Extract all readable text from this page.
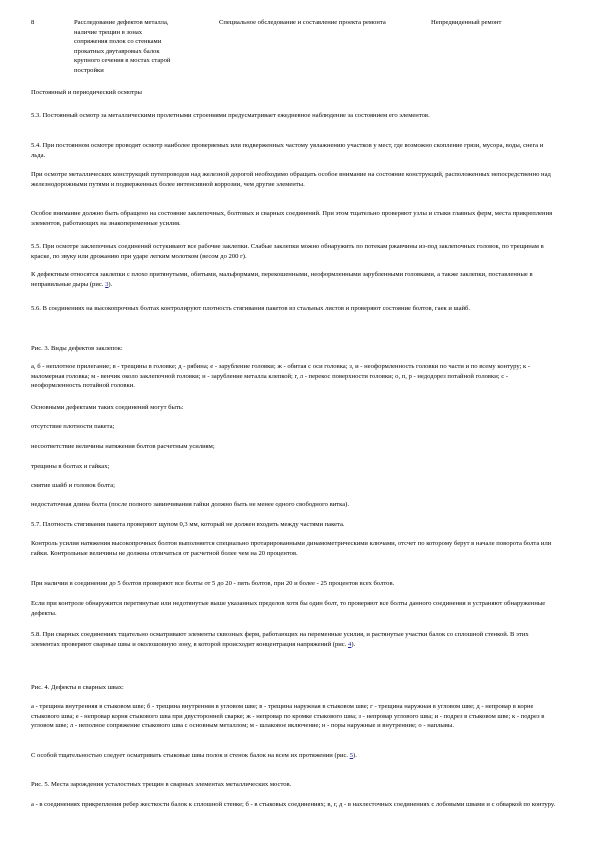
8	Расследование дефектов металла,
наличие трещин в зонах
сопряжения полок со стенками
прокатных двутавровых балок
крупного сечения в мостах старой
постройки
Специальное обследование и составление проекта ремонта	Непредвиденный ремонт

Постоянный и периодический осмотры

5.3. Постоянный осмотр за металлическими пролетными строениями предусматривает ежедневное наблюдение за состоянием его элементов.

5.4. При постоянном осмотре проводят осмотр наиболее проверяемых или подверженных частому увлажнению участков у мест, где возможно скопление грязи, мусора, воды, снега и льда.

При осмотре металлических конструкций путепроводов над железной дорогой необходимо обращать особое внимание на состояние конструкций, расположенных непосредственно над железнодорожными путями и подверженных более интенсивной коррозии, чем другие элементы.

Особое внимание должно быть обращено на состояние заклепочных, болтовых и сварных соединений. При этом тщательно проверяют узлы и стыки главных ферм, места прикрепления элементов, работающих на знакопеременные усилия.

5.5. При осмотре заклепочных соединений остукивают все рабочие заклепки. Слабые заклепки можно обнаружить по потекам ржавчины из-под заклепочных головок, по трещинам в краске, по звуку или дрожанию при ударе легким молотком (весом до 200 г).

К дефектным относятся заклепки с плохо притянутыми, обитыми, мальформами, перекошенными, неоформленными зарубленными головками, а также заклепки, поставленные в неправильные дыры (рис. 3).

5.6. В соединениях на высокопрочных болтах контролируют плотность стягивания пакетов из стальных листов и проверяют состояние болтов, гаек и шайб.

Рис. 3. Виды дефектов заклепок:

а, б - неплотное прилегание; в - трещины в головке; д - рябина; е - зарубление головки; ж - обитая с оси головка; з, и - неоформленность головки по части и по всему контуру; к - маломерная головка; м - венчик около заклепочной головки; н - зарубление металла клепкой; г, л - перекос поверхности головки; о, п, р - недодорез потайной головки; с - неоформленность потайной головки.

Основными дефектами таких соединений могут быть:

отсутствие плотности пакета;

несоответствие величины натяжения болтов расчетным усилиям;

трещины в болтах и гайках;

смятие шайб и головок болта;

недостаточная длина болта (после полного завинчивания гайки должно быть не менее одного свободного витка).

5.7. Плотность стягивания пакета проверяют щупом 0,3 мм, который не должен входить между частями пакета.

Контроль усилия натяжения высокопрочных болтов выполняется специально протарированными динамометрическими ключами, отсчет по которому берут в начале поворота болта или гайки. Контрольные величины не должны отличаться от расчетной более чем на 20 процентов.

При наличии в соединении до 5 болтов проверяют все болты от 5 до 20 - пять болтов, при 20 и более - 25 процентов всех болтов.

Если при контроле обнаружится перетянутые или недотянутые выше указанных пределов хотя бы один болт, то проверяют все болты данного соединения и устраняют обнаруженные дефекты.

5.8. При сварных соединениях тщательно осматривают элементы сквозных ферм, работающих на переменные усилия, и растянутые участки балок со сплошной стенкой. В этих элементах проверяют сварные швы и околошовную зону, в которой происходит концентрация напряжений (рис. 4).

Рис. 4. Дефекты в сварных швах:

а - трещина внутренняя в стыковом шве; б - трещина внутренняя в угловом шве; в - трещина наружная в стыковом шве; г - трещина наружная в угловом шве; д - непровар в корне стыкового шва; е - непровар корня стыкового шва при двусторонней сварке; ж - непровар по кромке стыкового шва; з - непровар углового шва; и - подрез в стыковом шве; к - подрез в угловом шве; л - неполное сопряжение стыкового шва с основным металлом; м - шлаковое включение; н - поры наружные и внутренние; о - наплывы.

С особой тщательностью следует осматривать стыковые швы полок и стенок балок на всем их протяжении (рис. 5).

Рис. 5. Места зарождения усталостных трещин в сварных элементах металлических мостов.

а - в соединениях прикрепления ребер жесткости балок к сплошной стенке; б - в стыковых соединениях; в, г, д - в нахлесточных соединениях с лобовыми швами и с обваркой по контуру.
